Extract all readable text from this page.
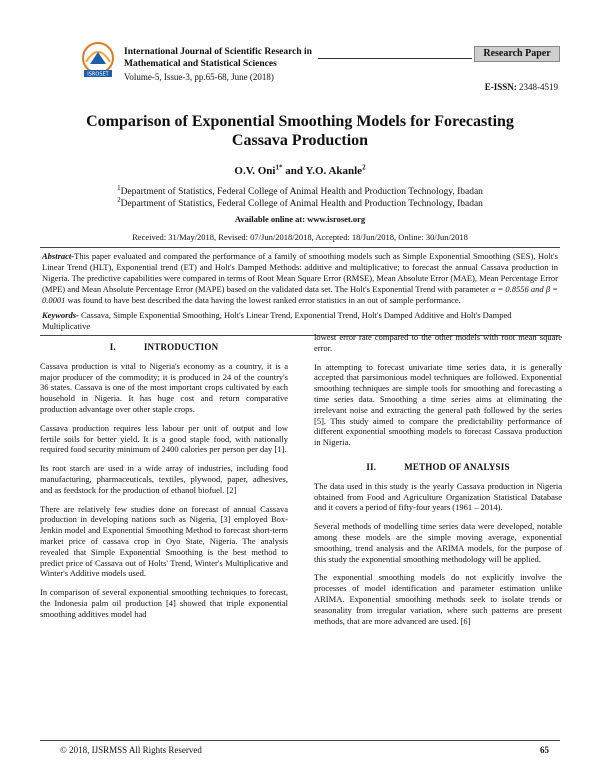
ISROSET
International Journal of Scientific Research in Mathematical and Statistical Sciences
Volume-5, Issue-3, pp.65-68, June (2018)
Research Paper
E-ISSN: 2348-4519
Comparison of Exponential Smoothing Models for Forecasting Cassava Production
O.V. Oni$^{1*}$ and Y.O. Akanle$^2$
$^1$Department of Statistics, Federal College of Animal Health and Production Technology, Ibadan
$^2$Department of Statistics, Federal College of Animal Health and Production Technology, Ibadan
Available online at: www.isroset.org
Received: 31/May/2018, Revised: 07/Jun/2018/2018, Accepted: 18/Jun/2018, Online: 30/Jun/2018
Abstract-This paper evaluated and compared the performance of a family of smoothing models such as Simple Exponential Smoothing (SES), Holt's Linear Trend (HLT), Exponential trend (ET) and Holt's Damped Methods: additive and multiplicative; to forecast the annual Cassava production in Nigeria. The predictive capabilities were compared in terms of Root Mean Square Error (RMSE), Mean Absolute Error (MAE), Mean Percentage Error (MPE) and Mean Absolute Percentage Error (MAPE) based on the validated data set. The Holt's Exponential Trend with parameter α = 0.8556 and β = 0.0001 was found to have best described the data having the lowest ranked error statistics in an out of sample performance.
Keywords- Cassava, Simple Exponential Smoothing, Holt's Linear Trend, Exponential Trend, Holt's Damped Additive and Holt's Damped Multiplicative
I.	INTRODUCTION

Cassava production is vital to Nigeria's economy as a country, it is a major producer of the commodity; it is produced in 24 of the country's 36 states. Cassava is one of the most important crops cultivated by each household in Nigeria. It has huge cost and return comparative production advantage over other staple crops.

Cassava production requires less labour per unit of output and low fertile soils for better yield. It is a good staple food, with nationally required food security minimum of 2400 calories per person per day [1].

Its root starch are used in a wide array of industries, including food manufacturing, pharmaceuticals, textiles, plywood, paper, adhesives, and as feedstock for the production of ethanol biofuel. [2]

There are relatively few studies done on forecast of annual Cassava production in developing nations such as Nigeria, [3] employed Box-Jenkin model and Exponential Smoothing Method to forecast short-term market price of cassava crop in Oyo State, Nigeria. The analysis revealed that Simple Exponential Smoothing is the best method to predict price of Cassava out of Holts' Trend, Winter's Multiplicative and Winter's Additive models used.

In comparison of several exponential smoothing techniques to forecast, the Indonesia palm oil production [4] showed that triple exponential smoothing additives model had

lowest error rate compared to the other models with root mean square error.

In attempting to forecast univariate time series data, it is generally accepted that parsimonious model techniques are followed. Exponential smoothing techniques are simple tools for smoothing and forecasting a time series data. Smoothing a time series aims at eliminating the irrelevant noise and extracting the general path followed by the series [5]. This study aimed to compare the predictability performance of different exponential smoothing models to forecast Cassava production in Nigeria.

II.	METHOD OF ANALYSIS

The data used in this study is the yearly Cassava production in Nigeria obtained from Food and Agriculture Organization Statistical Database and it covers a period of fifty-four years (1961 – 2014).

Several methods of modelling time series data were developed, notable among these models are the simple moving average, exponential smoothing, trend analysis and the ARIMA models, for the purpose of this study the exponential smoothing methodology will be applied.

The exponential smoothing models do not explicitly involve the processes of model identification and parameter estimation unlike ARIMA. Exponential smoothing methods seek to isolate trends or seasonality from irregular variation, where such patterns are present methods, that are more advanced are used. [6]

© 2018, IJSRMSS All Rights Reserved	65
